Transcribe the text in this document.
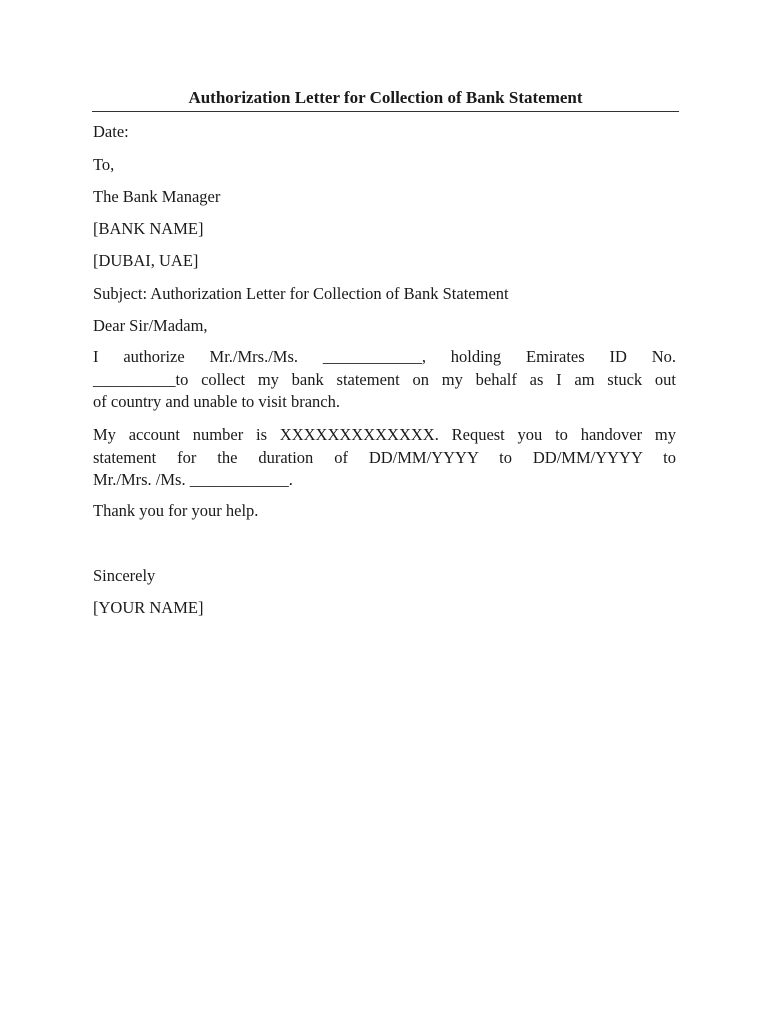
Authorization Letter for Collection of Bank Statement
Date:
To,
The Bank Manager
[BANK NAME]
[DUBAI, UAE]
Subject: Authorization Letter for Collection of Bank Statement
Dear Sir/Madam,
I authorize Mr./Mrs./Ms. ____________, holding Emirates ID No.
__________to collect my bank statement on my behalf as I am stuck out
of country and unable to visit branch.
My account number is XXXXXXXXXXXXX. Request you to handover my
statement for the duration of DD/MM/YYYY to DD/MM/YYYY to
Mr./Mrs. /Ms. ____________.
Thank you for your help.
Sincerely
[YOUR NAME]
